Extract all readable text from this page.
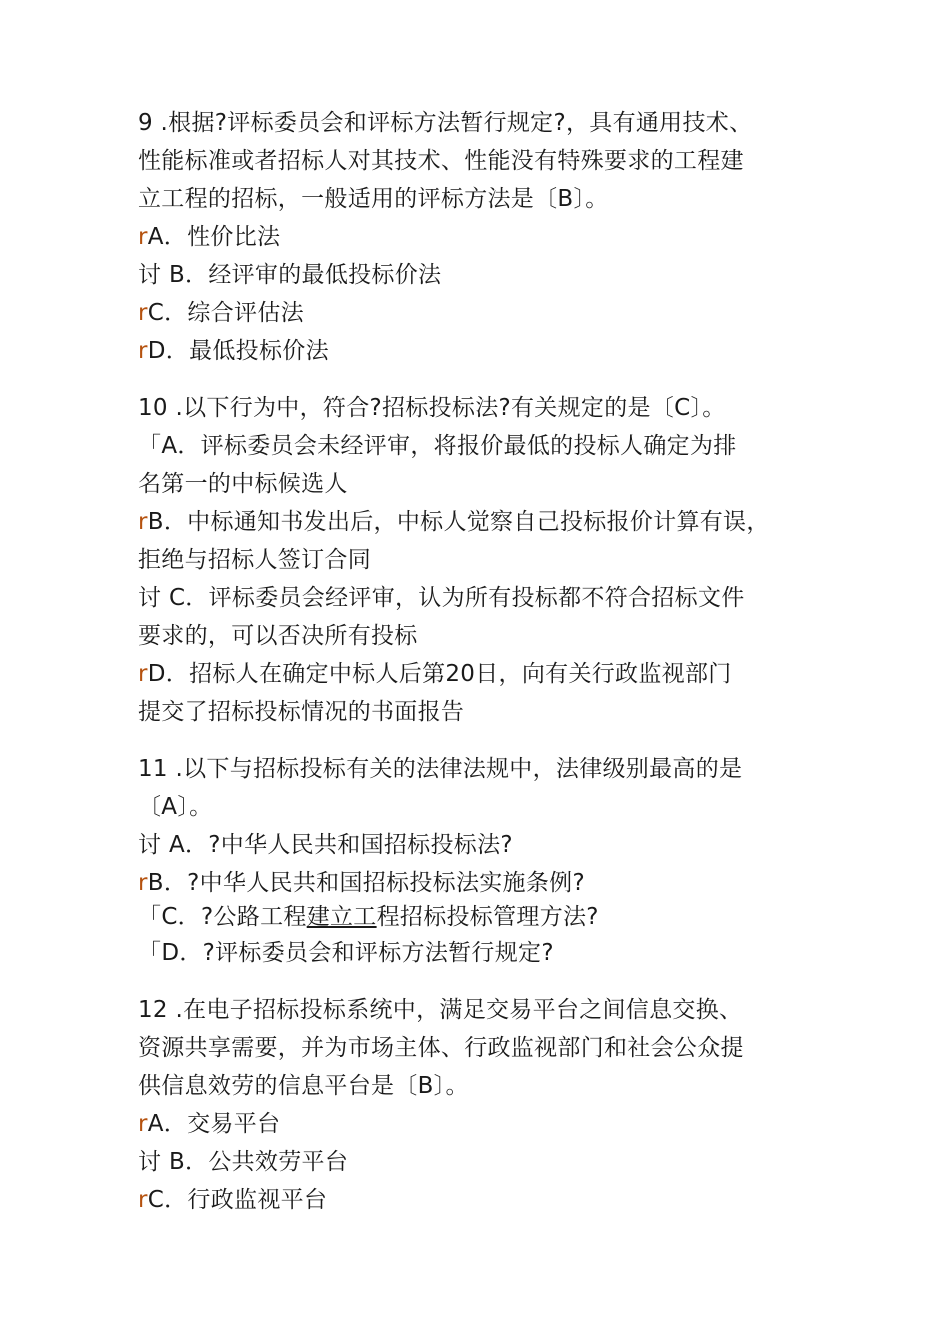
9 .根据?评标委员会和评标方法暂行规定?，具有通用技术、
性能标准或者招标人对其技术、性能没有特殊要求的工程建
立工程的招标，一般适用的评标方法是〔B〕。
rA．性价比法
讨 B．经评审的最低投标价法
rC．综合评估法
rD．最低投标价法
10 .以下行为中，符合?招标投标法?有关规定的是〔C〕。
「A．评标委员会未经评审，将报价最低的投标人确定为排
名第一的中标候选人
rB．中标通知书发出后，中标人觉察自己投标报价计算有误，
拒绝与招标人签订合同
讨 C．评标委员会经评审，认为所有投标都不符合招标文件
要求的，可以否决所有投标
rD．招标人在确定中标人后第20日，向有关行政监视部门
提交了招标投标情况的书面报告
11 .以下与招标投标有关的法律法规中，法律级别最高的是
〔A〕。
讨 A．?中华人民共和国招标投标法?
rB．?中华人民共和国招标投标法实施条例?
「C．?公路工程建立工程招标投标管理方法?
「D．?评标委员会和评标方法暂行规定?
12 .在电子招标投标系统中，满足交易平台之间信息交换、
资源共享需要，并为市场主体、行政监视部门和社会公众提
供信息效劳的信息平台是〔B〕。
rA．交易平台
讨 B．公共效劳平台
rC．行政监视平台
